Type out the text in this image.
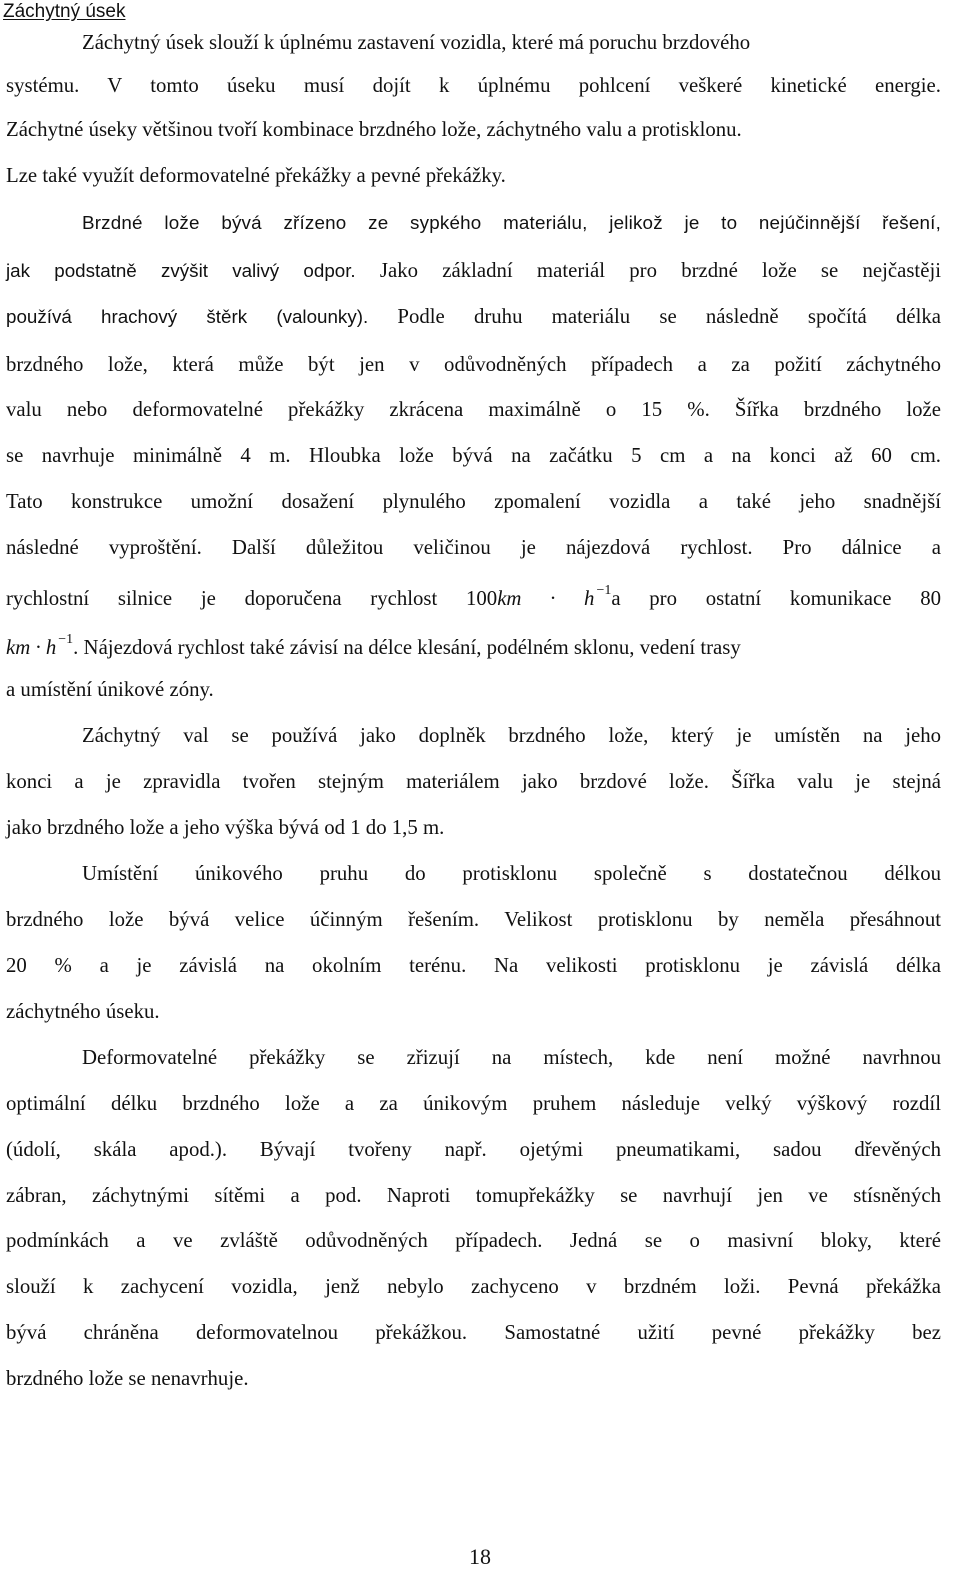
Záchytný úsek
Záchytný úsek slouží k úplnému zastavení vozidla, které má poruchu brzdového
systému. V tomto úseku musí dojít k úplnému pohlcení veškeré kinetické energie.
Záchytné úseky většinou tvoří kombinace brzdného lože, záchytného valu a protisklonu.
Lze také využít deformovatelné překážky a pevné překážky.
Brzdné lože bývá zřízeno ze sypkého materiálu, jelikož je to nejúčinnější řešení,
jak podstatně zvýšit valivý odpor. Jako základní materiál pro brzdné lože se nejčastěji
používá hrachový štěrk (valounky). Podle druhu materiálu se následně spočítá délka
brzdného lože, která může být jen v odůvodněných případech a za požití záchytného
valu nebo deformovatelné překážky zkrácena maximálně o 15 %. Šířka brzdného lože
se navrhuje minimálně 4 m. Hloubka lože bývá na začátku 5 cm a na konci až 60 cm.
Tato konstrukce umožní dosažení plynulého zpomalení vozidla a také jeho snadnější
následné vyproštění. Další důležitou veličinou je nájezdová rychlost. Pro dálnice a
rychlostní silnice je doporučena rychlost 100km · h $^{-1}$a pro ostatní komunikace 80
km · h $^{-1}$. Nájezdová rychlost také závisí na délce klesání, podélném sklonu, vedení trasy
a umístění únikové zóny.
Záchytný val se používá jako doplněk brzdného lože, který je umístěn na jeho
konci a je zpravidla tvořen stejným materiálem jako brzdové lože. Šířka valu je stejná
jako brzdného lože a jeho výška bývá od 1 do 1,5 m.
Umístění únikového pruhu do protisklonu společně s dostatečnou délkou
brzdného lože bývá velice účinným řešením. Velikost protisklonu by neměla přesáhnout
20 % a je závislá na okolním terénu. Na velikosti protisklonu je závislá délka
záchytného úseku.
Deformovatelné překážky se zřizují na místech, kde není možné navrhnou
optimální délku brzdného lože a za únikovým pruhem následuje velký výškový rozdíl
(údolí, skála apod.). Bývají tvořeny např. ojetými pneumatikami, sadou dřevěných
zábran, záchytnými sítěmi a pod. Naproti tomupřekážky se navrhují jen ve stísněných
podmínkách a ve zvláště odůvodněných případech. Jedná se o masivní bloky, které
slouží k zachycení vozidla, jenž nebylo zachyceno v brzdném loži. Pevná překážka
bývá chráněna deformovatelnou překážkou. Samostatné užití pevné překážky bez
brzdného lože se nenavrhuje.
18
